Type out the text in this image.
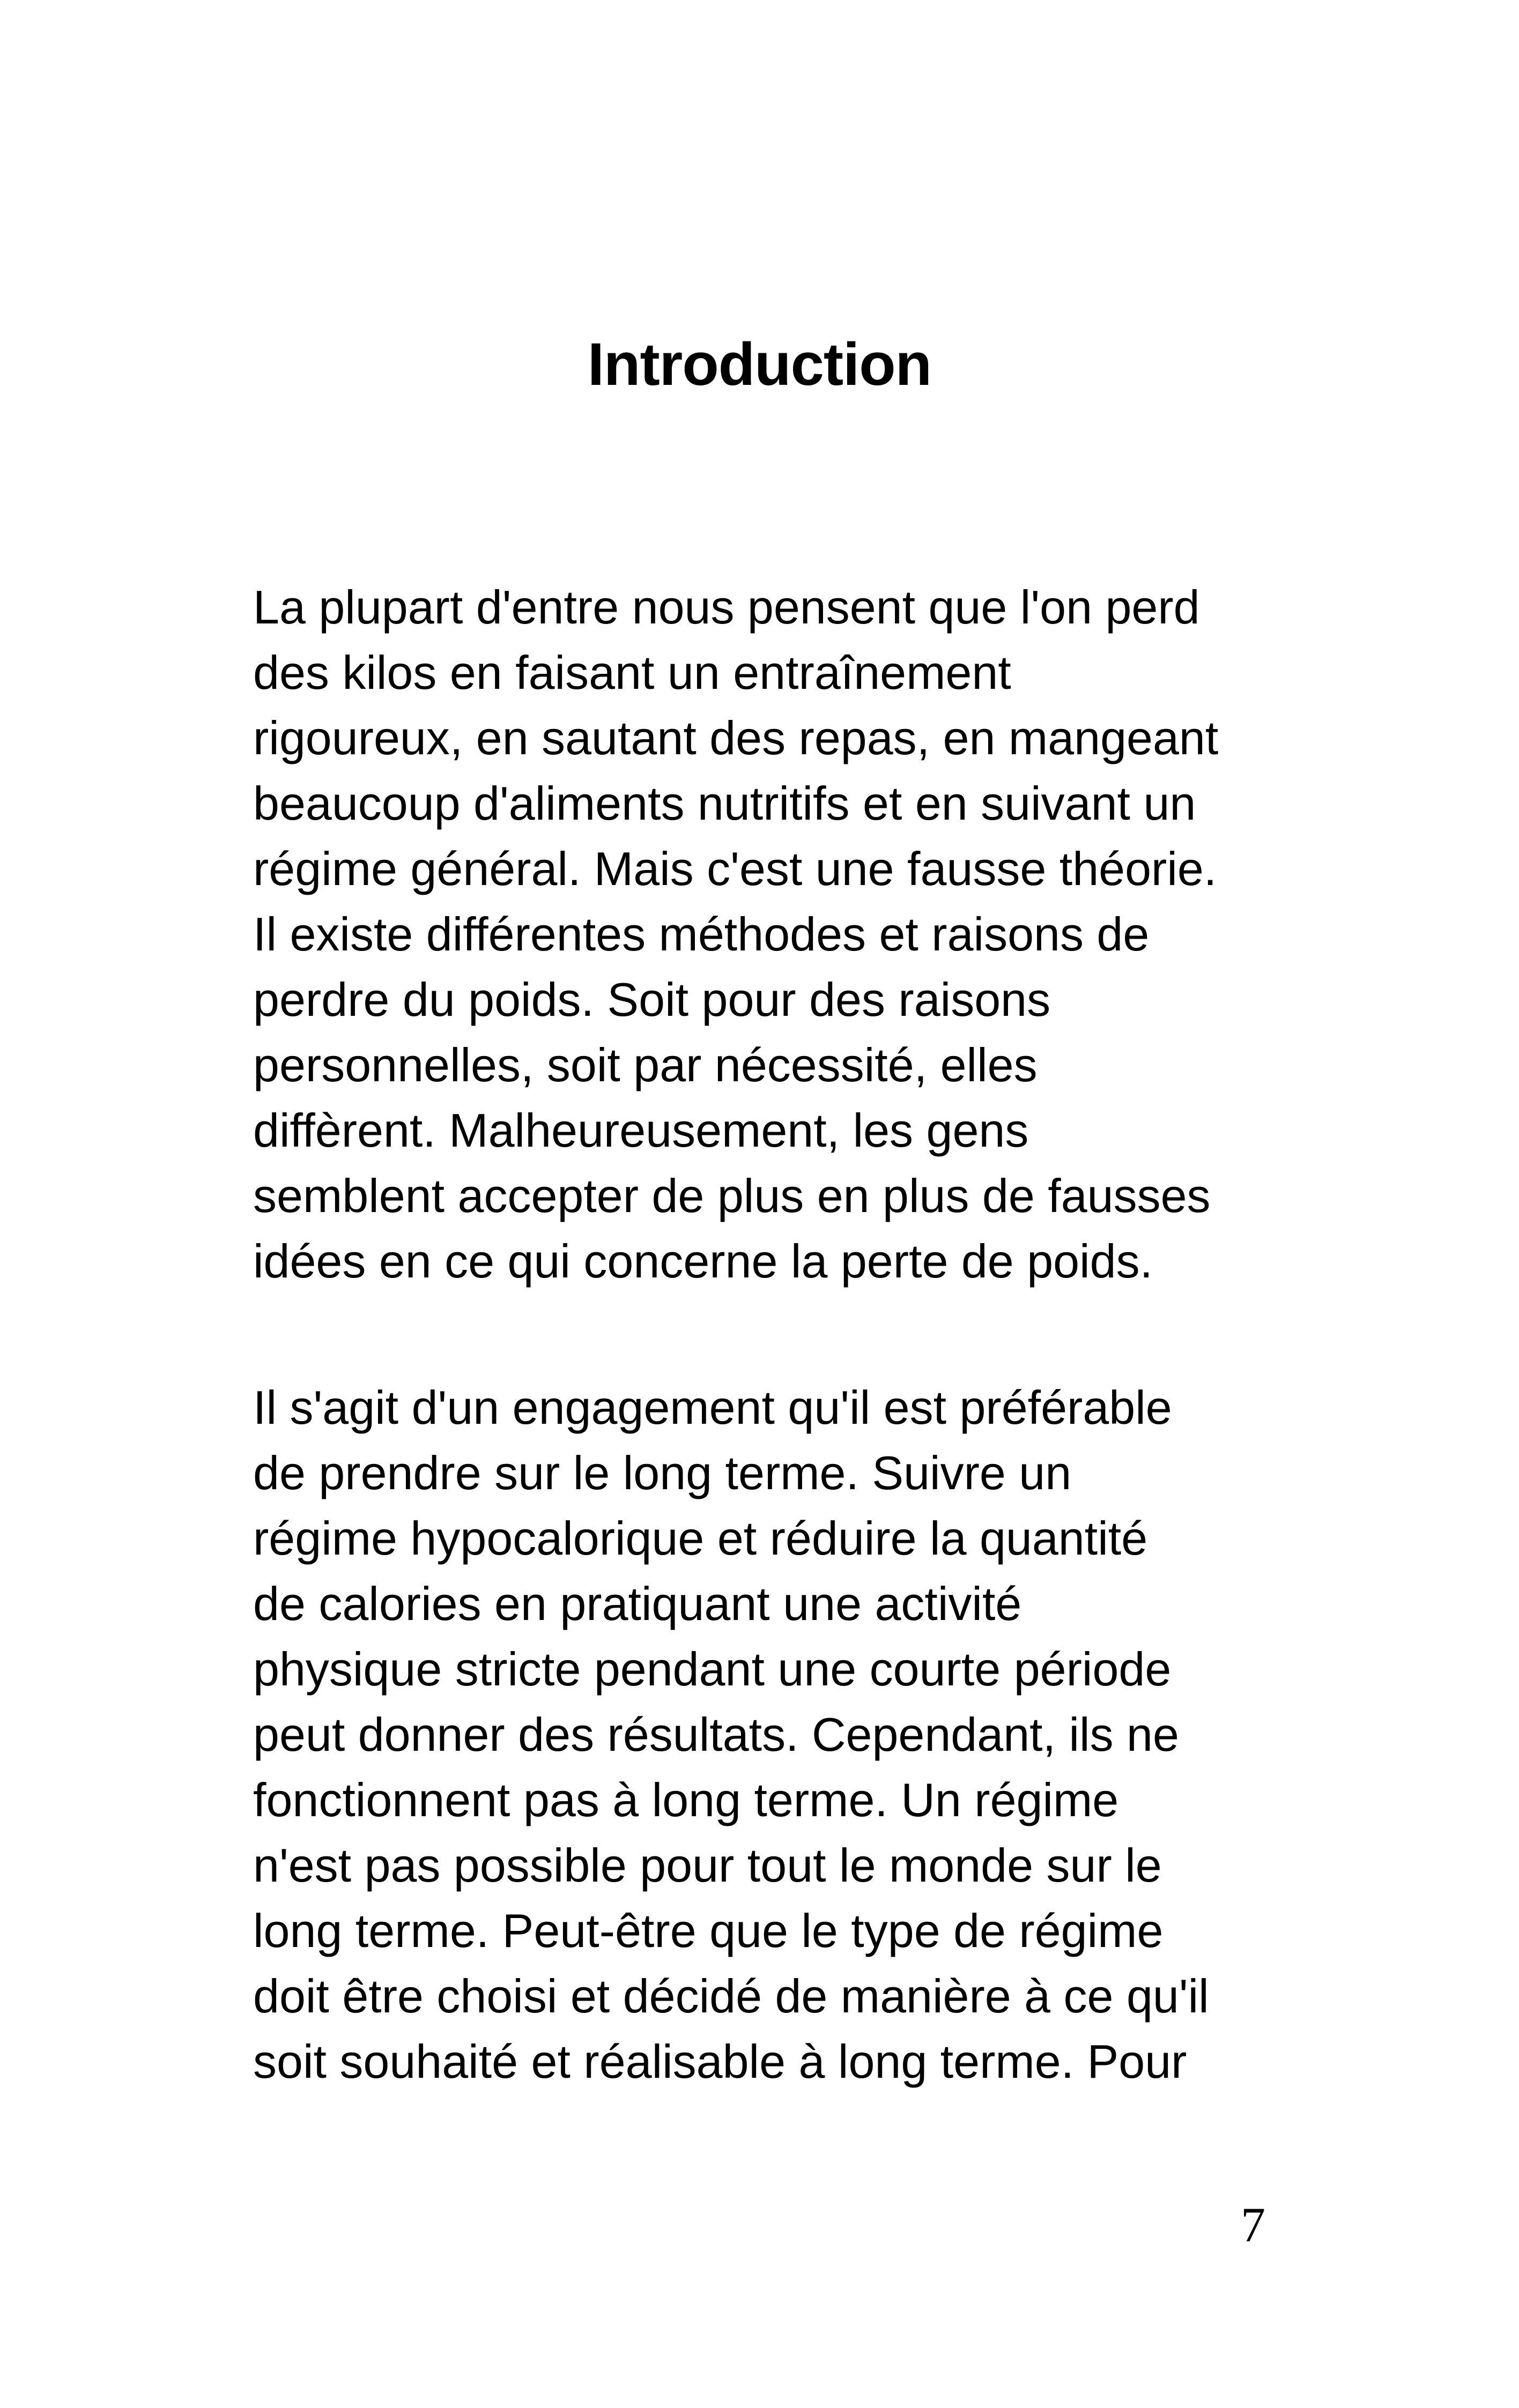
Introduction

La plupart d'entre nous pensent que l'on perd
des kilos en faisant un entraînement
rigoureux, en sautant des repas, en mangeant
beaucoup d'aliments nutritifs et en suivant un
régime général. Mais c'est une fausse théorie.
Il existe différentes méthodes et raisons de
perdre du poids. Soit pour des raisons
personnelles, soit par nécessité, elles
diffèrent. Malheureusement, les gens
semblent accepter de plus en plus de fausses
idées en ce qui concerne la perte de poids.

Il s'agit d'un engagement qu'il est préférable
de prendre sur le long terme. Suivre un
régime hypocalorique et réduire la quantité
de calories en pratiquant une activité
physique stricte pendant une courte période
peut donner des résultats. Cependant, ils ne
fonctionnent pas à long terme. Un régime
n'est pas possible pour tout le monde sur le
long terme. Peut-être que le type de régime
doit être choisi et décidé de manière à ce qu'il
soit souhaité et réalisable à long terme. Pour

7
